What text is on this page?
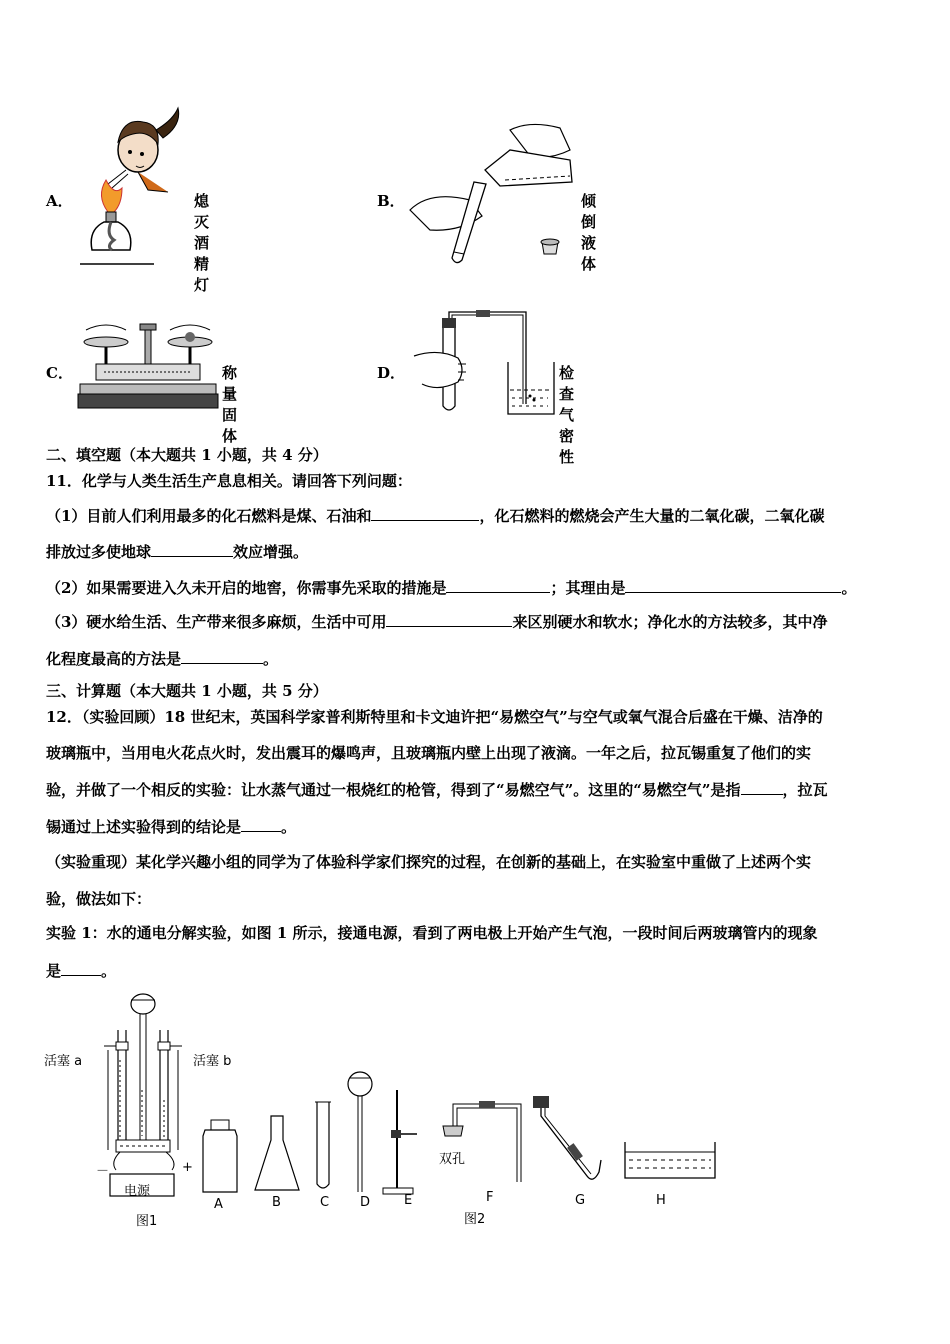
A．	熄灭酒精灯
B．	倾倒液体
C．	称量固体
D．	检查气密性
二、填空题（本大题共 1 小题，共 4 分）
11．化学与人类生活生产息息相关。请回答下列问题：
（1）目前人们利用最多的化石燃料是煤、石油和	，化石燃料的燃烧会产生大量的二氧化碳，二氧化碳
排放过多使地球	效应增强。
（2）如果需要进入久未开启的地窖，你需事先采取的措施是	；其理由是	。
（3）硬水给生活、生产带来很多麻烦，生活中可用	来区别硬水和软水；净化水的方法较多，其中净
化程度最高的方法是	。
三、计算题（本大题共 1 小题，共 5 分）
12．（实验回顾）18 世纪末，英国科学家普利斯特里和卡文迪许把“易燃空气”与空气或氧气混合后盛在干燥、洁净的
玻璃瓶中，当用电火花点火时，发出震耳的爆鸣声，且玻璃瓶内壁上出现了液滴。一年之后，拉瓦锡重复了他们的实
验，并做了一个相反的实验：让水蒸气通过一根烧红的枪管，得到了“易燃空气”。这里的“易燃空气”是指	，拉瓦
锡通过上述实验得到的结论是	。
（实验重现）某化学兴趣小组的同学为了体验科学家们探究的过程，在创新的基础上，在实验室中重做了上述两个实
验，做法如下：
实验 1：水的通电分解实验，如图 1 所示，接通电源，看到了两电极上开始产生气泡，一段时间后两玻璃管内的现象
是	。
活塞 a	活塞 b
－	+
电源
图1
双孔
A	B	C D	E	F	G	H
图2
